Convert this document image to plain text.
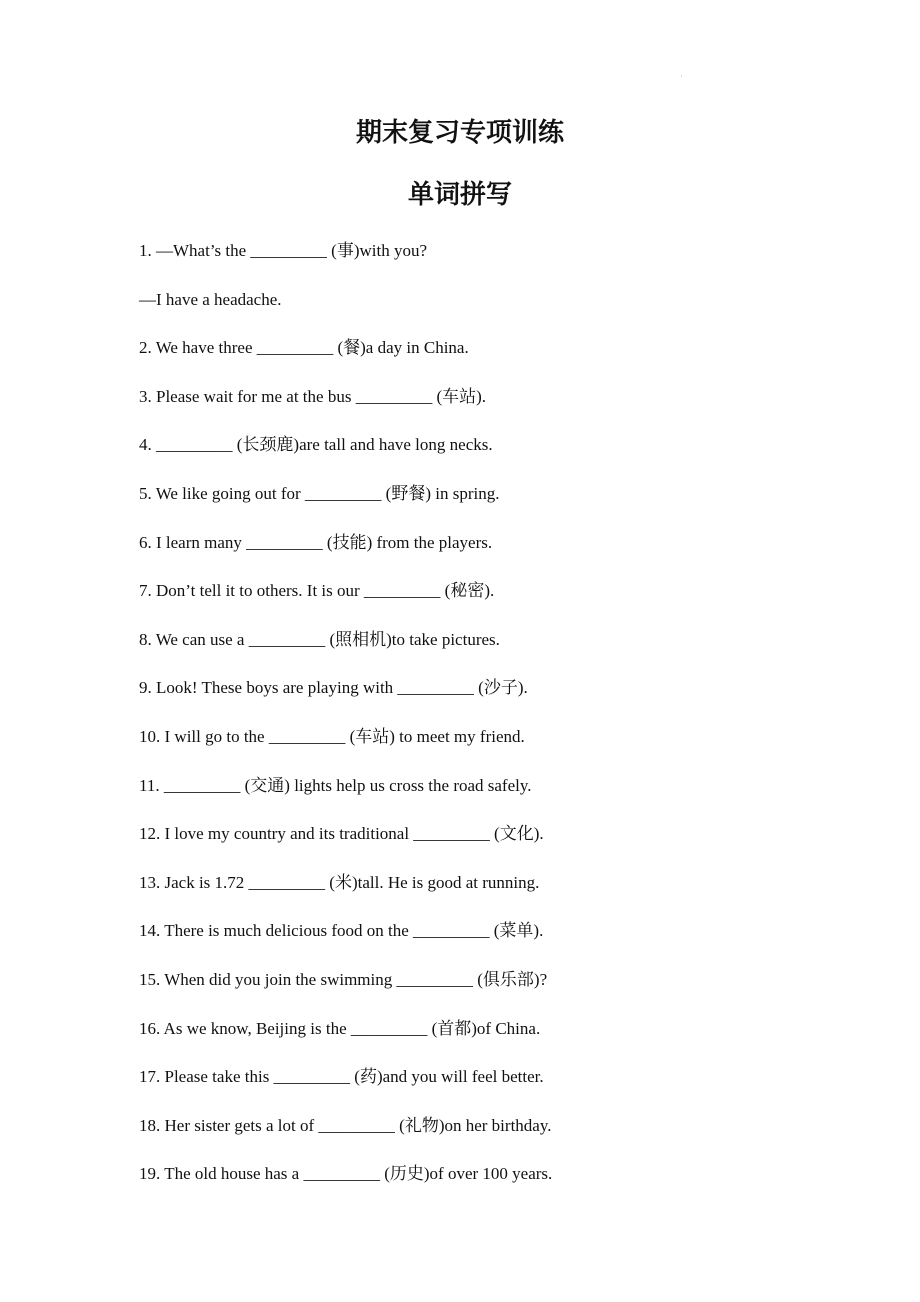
·
期末复习专项训练
单词拼写
1. —What’s the _________ (事)with you?
—I have a headache.
2. We have three _________ (餐)a day in China.
3. Please wait for me at the bus _________ (车站).
4. _________ (长颈鹿)are tall and have long necks.
5. We like going out for _________ (野餐) in spring.
6. I learn many _________ (技能) from the players.
7. Don’t tell it to others. It is our _________ (秘密).
8. We can use a _________ (照相机)to take pictures.
9. Look! These boys are playing with _________ (沙子).
10. I will go to the _________ (车站) to meet my friend.
11. _________ (交通) lights help us cross the road safely.
12. I love my country and its traditional _________ (文化).
13. Jack is 1.72 _________ (米)tall. He is good at running.
14. There is much delicious food on the _________ (菜单).
15. When did you join the swimming _________ (俱乐部)?
16. As we know, Beijing is the _________ (首都)of China.
17. Please take this _________ (药)and you will feel better.
18. Her sister gets a lot of _________ (礼物)on her birthday.
19. The old house has a _________ (历史)of over 100 years.
